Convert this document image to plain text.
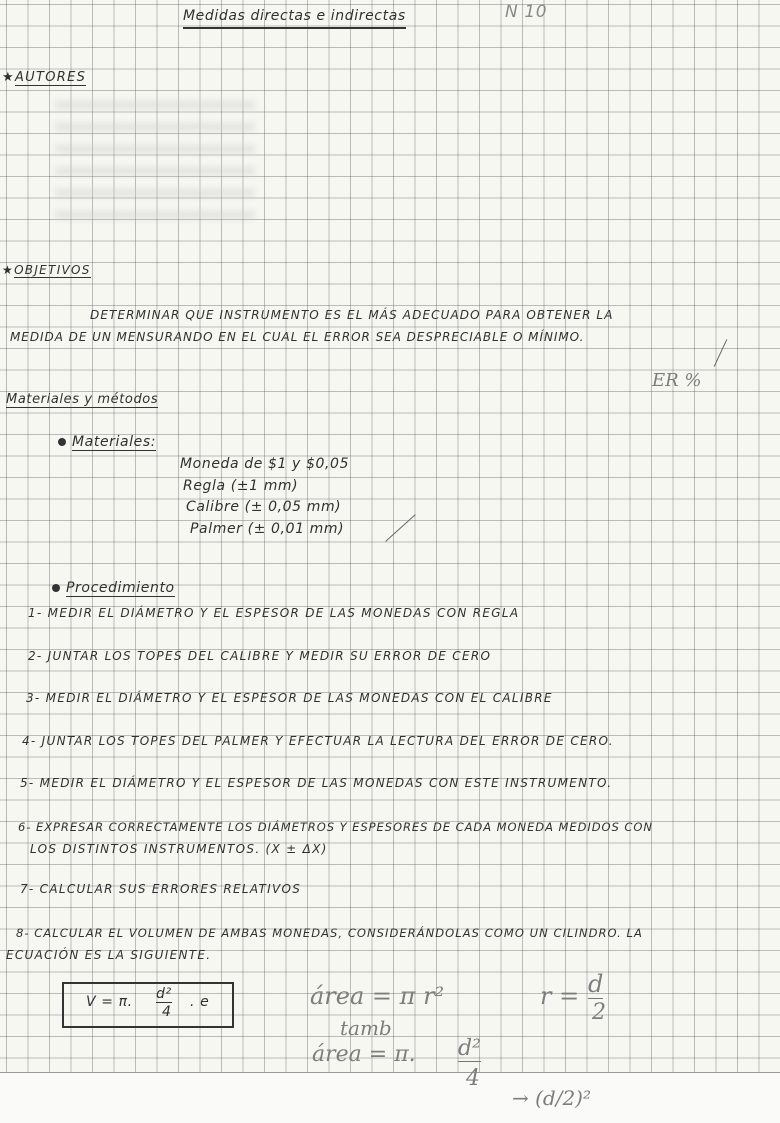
Medidas directas e indirectas	N 10
★AUTORES
★OBJETIVOS
DETERMINAR QUE INSTRUMENTO ES EL MÁS ADECUADO PARA OBTENER LA
MEDIDA DE UN MENSURANDO EN EL CUAL EL ERROR SEA DESPRECIABLE O MÍNIMO.
ER %
Materiales y métodos
Materiales:
Moneda de $1 y $0,05
Regla (±1 mm)
Calibre (± 0,05 mm)
Palmer (± 0,01 mm)
Procedimiento
1- MEDIR EL DIÁMETRO Y EL ESPESOR DE LAS MONEDAS CON REGLA
2- JUNTAR LOS TOPES DEL CALIBRE Y MEDIR SU ERROR DE CERO
3- MEDIR EL DIÁMETRO Y EL ESPESOR DE LAS MONEDAS CON EL CALIBRE
4- JUNTAR LOS TOPES DEL PALMER Y EFECTUAR LA LECTURA DEL ERROR DE CERO.
5- MEDIR EL DIÁMETRO Y EL ESPESOR DE LAS MONEDAS CON ESTE INSTRUMENTO.
6- EXPRESAR CORRECTAMENTE LOS DIÁMETROS Y ESPESORES DE CADA MONEDA MEDIDOS CON
LOS DISTINTOS INSTRUMENTOS. (X ± ΔX)
7- CALCULAR SUS ERRORES RELATIVOS
8- CALCULAR EL VOLUMEN DE AMBAS MONEDAS, CONSIDERÁNDOLAS COMO UN CILINDRO. LA
ECUACIÓN ES LA SIGUIENTE.
V = π. d²
4
. e	área = π r²	r = d
2
tamb
área = π. d²
4
→ (d/2)²
